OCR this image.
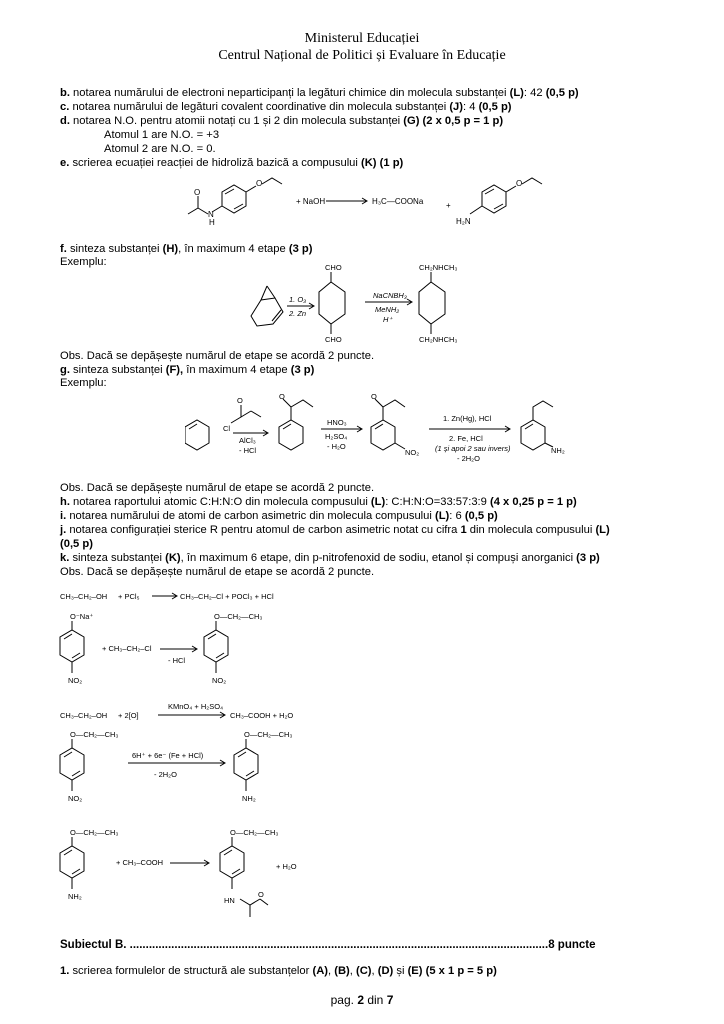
Ministerul Educației
Centrul Național de Politici și Evaluare în Educație
b. notarea numărului de electroni neparticipanți la legături chimice din molecula substanței (L): 42 (0,5 p)
c. notarea numărului de legături covalent coordinative din molecula substanței (J): 4 (0,5 p)
d. notarea N.O. pentru atomii notați cu 1 și 2 din molecula substanței (G) (2 x 0,5 p = 1 p)
Atomul 1 are N.O. = +3
Atomul 2 are N.O. = 0.
e. scrierea ecuației reacției de hidroliză bazică a compusului (K) (1 p)
O
N
H
O	O
H₂N
+ NaOH	H₃C—COONa	+
f. sinteza substanței (H), în maximum 4 etape (3 p)
Exemplu:	CHO
CHO
CH₂NHCH₃
CH₂NHCH₃
1. O₃
2. Zn
NaCNBH₃
MeNH₂
H⁺
Obs. Dacă se depășește numărul de etape se acordă 2 puncte.
g. sinteza substanței (F), în maximum 4 etape (3 p)
Exemplu:
Cl
O	O	O
AlCl₃
- HCl
HNO₃
H₂SO₄
- H₂O
NO₂
1. Zn(Hg), HCl
2. Fe, HCl
(1 și apoi 2 sau invers)
- 2H₂O
NH₂
Obs. Dacă se depășește numărul de etape se acordă 2 puncte.
h. notarea raportului atomic C:H:N:O din molecula compusului (L): C:H:N:O=33:57:3:9 (4 x 0,25 p = 1 p)
i. notarea numărului de atomi de carbon asimetric din molecula compusului (L): 6 (0,5 p)
j. notarea configurației sterice R pentru atomul de carbon asimetric notat cu cifra 1 din molecula compusului (L)
(0,5 p)
k. sinteza substanței (K), în maximum 6 etape, din p-nitrofenoxid de sodiu, etanol și compuși anorganici (3 p)
Obs. Dacă se depășește numărul de etape se acordă 2 puncte.
CH₃–CH₂–OH + PCl₅	CH₃–CH₂–Cl + POCl₃ + HCl
O⁻Na⁺
NO₂
+ CH₃–CH₂–Cl
- HCl
O—CH₂—CH₃
NO₂
CH₃–CH₂–OH + 2[O]
KMnO₄ + H₂SO₄
CH₃–COOH + H₂O
O—CH₂—CH₃
NO₂
6H⁺ + 6e⁻ (Fe + HCl)
- 2H₂O
O—CH₂—CH₃
NH₂
O—CH₂—CH₃
NH₂
+ CH₃–COOH
O—CH₂—CH₃
HN
O
+ H₂O
Subiectul B. ...................................................................................................................................8 puncte
1. scrierea formulelor de structură ale substanțelor (A), (B), (C), (D) și (E) (5 x 1 p = 5 p)
pag. 2 din 7
